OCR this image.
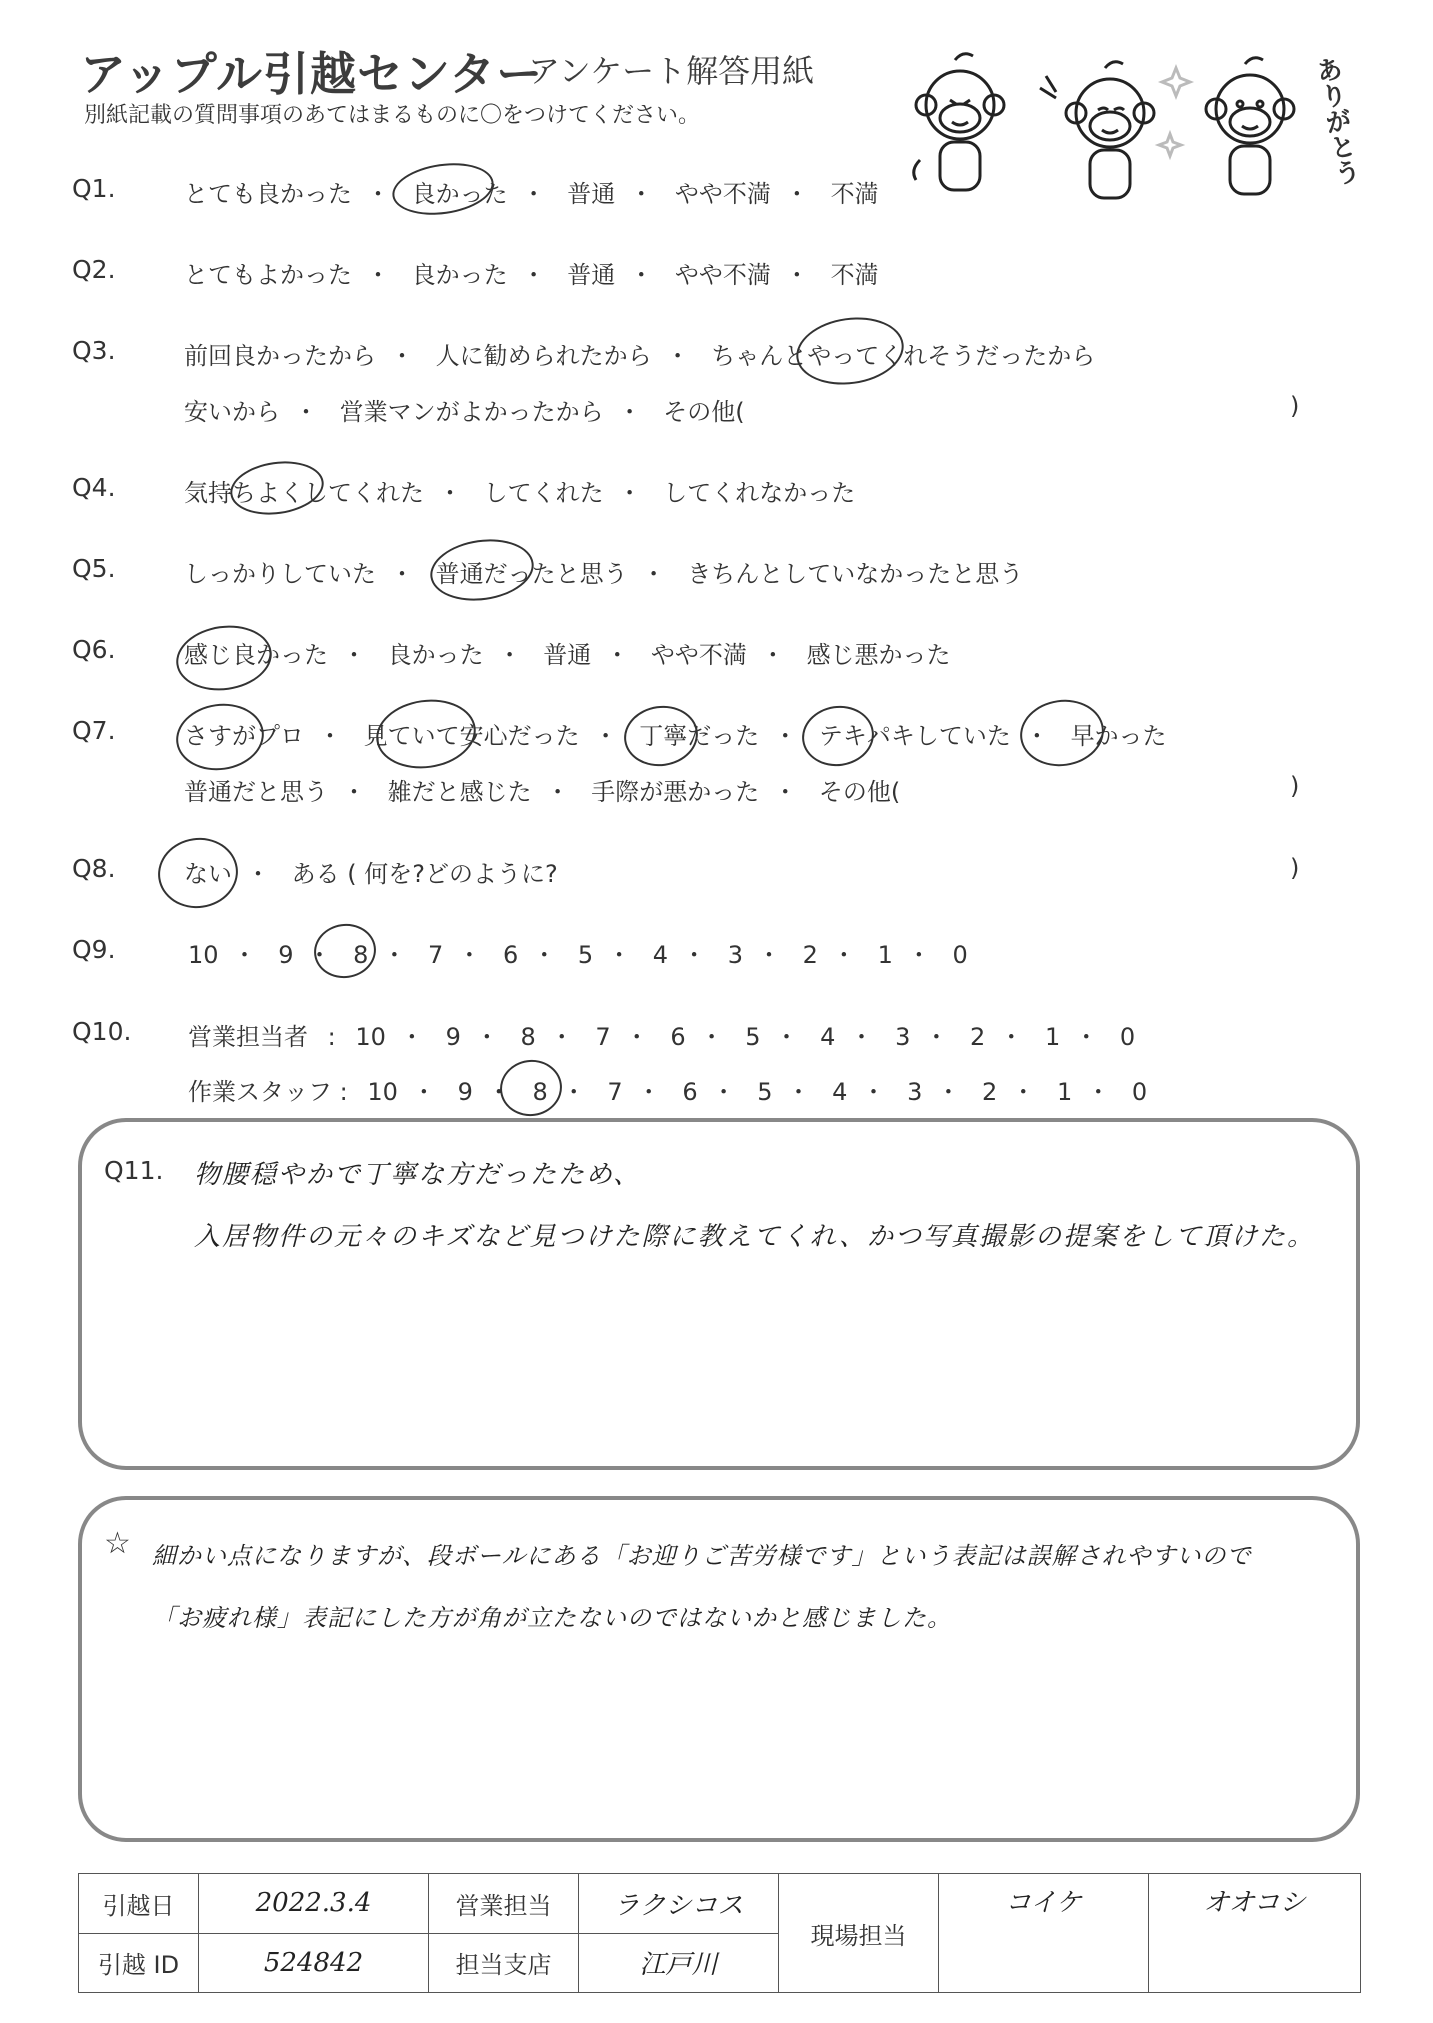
アップル引越センター
アンケート解答用紙
別紙記載の質問事項のあてはまるものに〇をつけてください。	ありがとう
Q1.	とても良かった ・ 良かった ・ 普通 ・ やや不満 ・ 不満
Q2.	とてもよかった ・ 良かった ・ 普通 ・ やや不満 ・ 不満
Q3.	前回良かったから ・ 人に勧められたから ・ ちゃんとやってくれそうだったから
安いから ・ 営業マンがよかったから ・ その他(	)
Q4.	気持ちよくしてくれた ・ してくれた ・ してくれなかった
Q5.	しっかりしていた ・ 普通だったと思う ・ きちんとしていなかったと思う
Q6.	感じ良かった ・ 良かった ・ 普通 ・ やや不満 ・ 感じ悪かった
Q7.	さすがプロ ・ 見ていて安心だった ・ 丁寧だった ・ テキパキしていた ・ 早かった
普通だと思う ・ 雑だと感じた ・ 手際が悪かった ・ その他(	)
Q8.	ない ・ ある ( 何を?どのように?	)
Q9.	10 ・ 9 ・ 8 ・ 7 ・ 6 ・ 5 ・ 4 ・ 3 ・ 2 ・ 1 ・ 0
Q10. 営業担当者 : 10 ・ 9 ・ 8 ・ 7 ・ 6 ・ 5 ・ 4 ・ 3 ・ 2 ・ 1 ・ 0
作業スタッフ : 10 ・ 9 ・ 8 ・ 7 ・ 6 ・ 5 ・ 4 ・ 3 ・ 2 ・ 1 ・ 0
Q11. 物腰穏やかで丁寧な方だったため、
入居物件の元々のキズなど見つけた際に教えてくれ、かつ写真撮影の提案をして頂けた。
☆ 細かい点になりますが、段ボールにある「お迎りご苦労様です」という表記は誤解されやすいので
「お疲れ様」表記にした方が角が立たないのではないかと感じました。
引越日	2022.3.4	営業担当	ラクシコス	現場担当	コイケ	オオコシ
引越 ID	524842	担当支店	江戸川			
